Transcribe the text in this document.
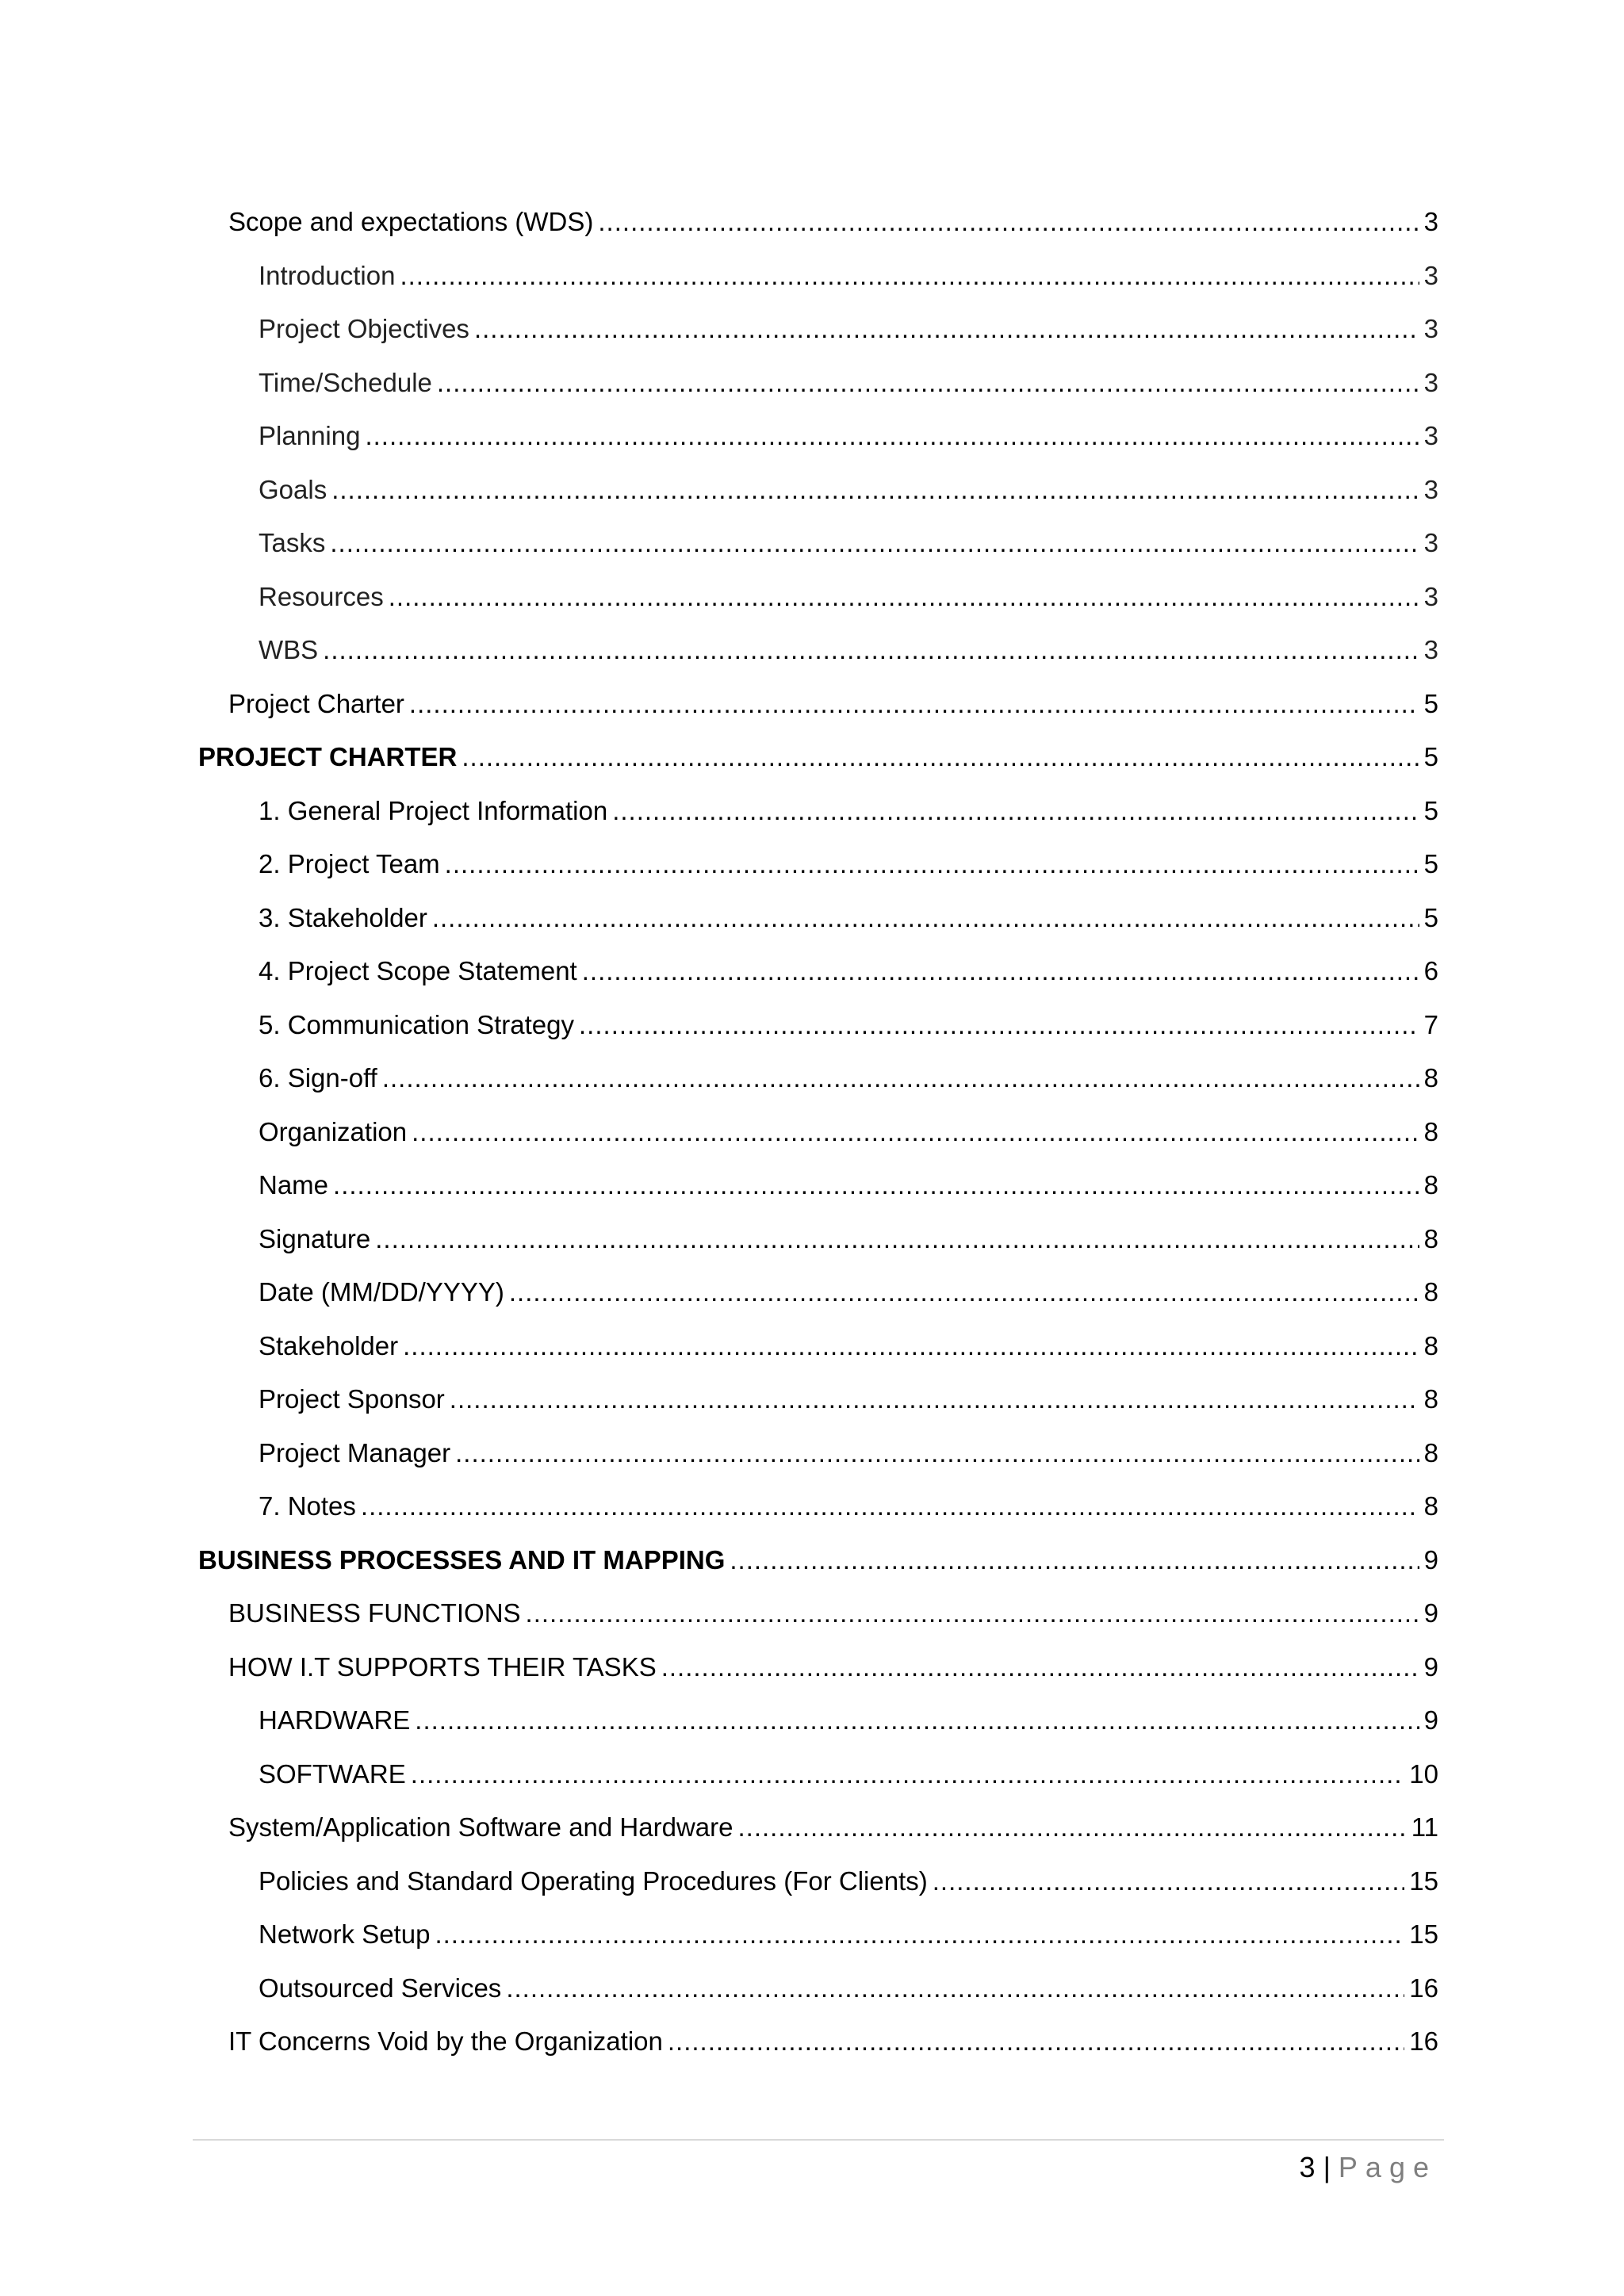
Scope and expectations (WDS) .....	3
Introduction .....	3
Project Objectives .....	3
Time/Schedule .....	3
Planning .....	3
Goals .....	3
Tasks .....	3
Resources .....	3
WBS .....	3
Project Charter .....	5
PROJECT CHARTER .....	5
1. General Project Information .....	5
2. Project Team .....	5
3. Stakeholder .....	5
4. Project Scope Statement .....	6
5. Communication Strategy .....	7
6. Sign-off .....	8
Organization .....	8
Name .....	8
Signature .....	8
Date (MM/DD/YYYY) .....	8
Stakeholder .....	8
Project Sponsor .....	8
Project Manager .....	8
7. Notes .....	8
BUSINESS PROCESSES AND IT MAPPING .....	9
BUSINESS FUNCTIONS .....	9
HOW I.T SUPPORTS THEIR TASKS .....	9
HARDWARE .....	9
SOFTWARE .....	10
System/Application Software and Hardware .....	11
Policies and Standard Operating Procedures (For Clients) .....	15
Network Setup .....	15
Outsourced Services .....	16
IT Concerns Void by the Organization .....	16
3 | Page
